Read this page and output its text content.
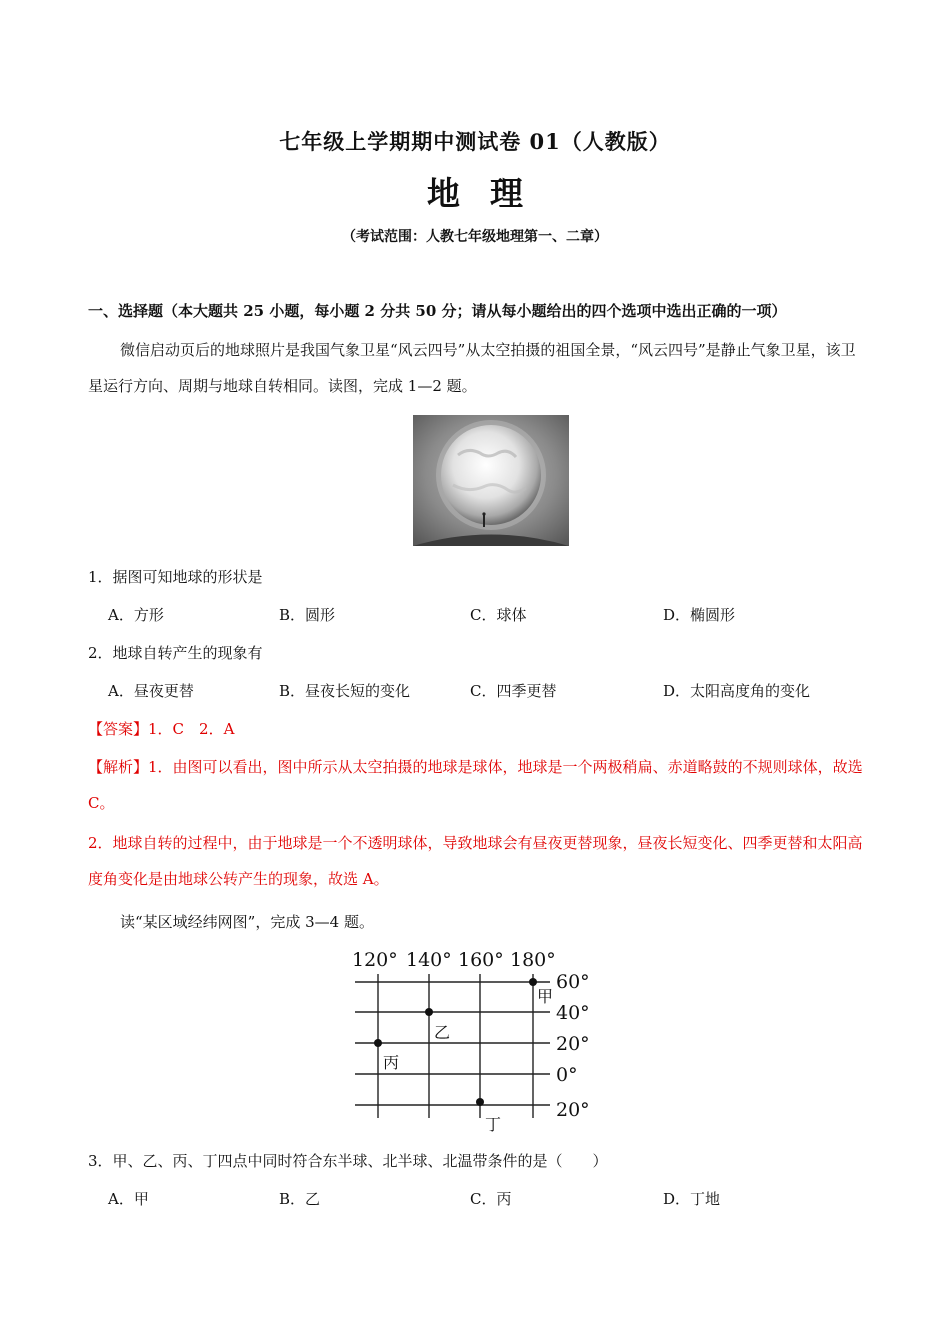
七年级上学期期中测试卷 01（人教版）
地理
（考试范围：人教七年级地理第一、二章）
一、选择题（本大题共 25 小题，每小题 2 分共 50 分；请从每小题给出的四个选项中选出正确的一项）
微信启动页后的地球照片是我国气象卫星“风云四号”从太空拍摄的祖国全景，“风云四号”是静止气象卫星，该卫星运行方向、周期与地球自转相同。读图，完成 1—2 题。
1．据图可知地球的形状是
A．方形	B．圆形	C．球体	D．椭圆形
2．地球自转产生的现象有
A．昼夜更替	B．昼夜长短的变化	C．四季更替	D．太阳高度角的变化
【答案】1．C　2．A
【解析】1．由图可以看出，图中所示从太空拍摄的地球是球体，地球是一个两极稍扁、赤道略鼓的不规则球体，故选 C。
2．地球自转的过程中，由于地球是一个不透明球体，导致地球会有昼夜更替现象，昼夜长短变化、四季更替和太阳高度角变化是由地球公转产生的现象，故选 A。
读“某区域经纬网图”，完成 3—4 题。
120° 140° 160° 180°
60°
40°
20°
0°
20°
甲
乙
丙
丁
3．甲、乙、丙、丁四点中同时符合东半球、北半球、北温带条件的是（　　）
A．甲	B．乙	C．丙	D．丁地
